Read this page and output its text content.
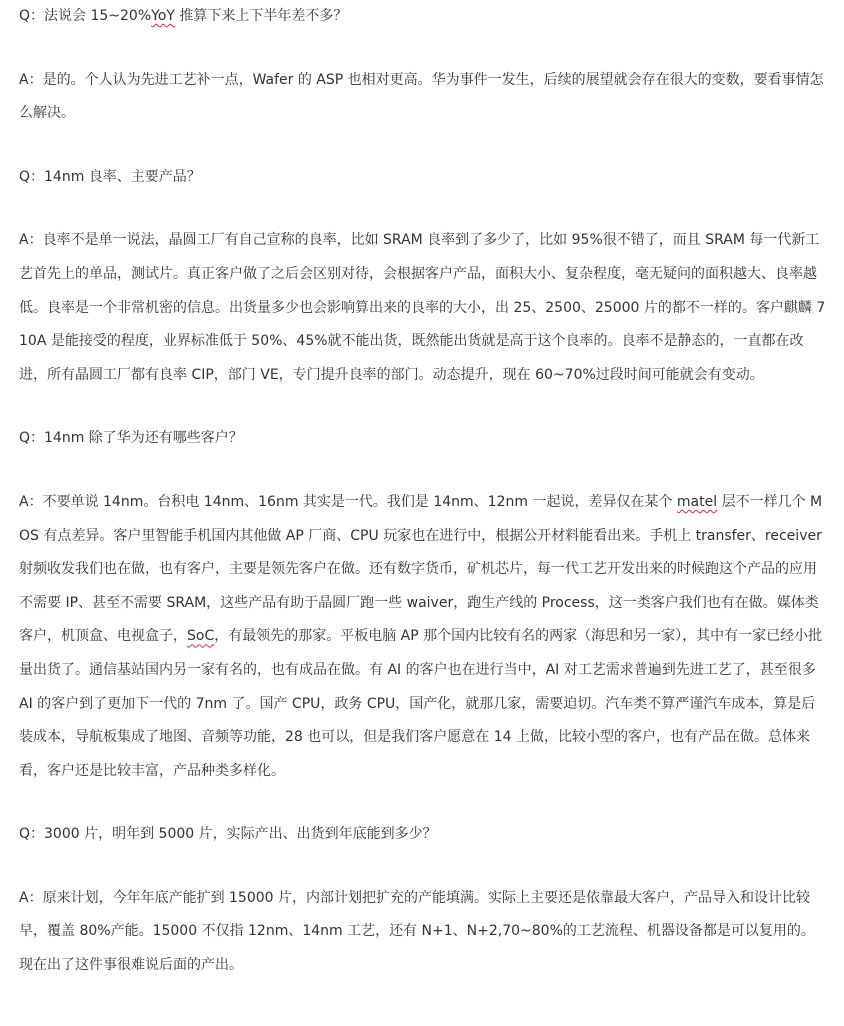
Q：法说会 15~20%YoY 推算下来上下半年差不多？

A：是的。个人认为先进工艺补一点，Wafer 的 ASP 也相对更高。华为事件一发生，后续的展望就会存在很大的变数，要看事情怎么解决。

Q：14nm 良率、主要产品？

A：良率不是单一说法，晶圆工厂有自己宣称的良率，比如 SRAM 良率到了多少了，比如 95%很不错了，而且 SRAM 每一代新工艺首先上的单品，测试片。真正客户做了之后会区别对待，会根据客户产品，面积大小、复杂程度，毫无疑问的面积越大、良率越低。良率是一个非常机密的信息。出货量多少也会影响算出来的良率的大小，出 25、2500、25000 片的都不一样的。客户麒麟 710A 是能接受的程度，业界标准低于 50%、45%就不能出货，既然能出货就是高于这个良率的。良率不是静态的，一直都在改进，所有晶圆工厂都有良率 CIP，部门 VE，专门提升良率的部门。动态提升，现在 60~70%过段时间可能就会有变动。

Q：14nm 除了华为还有哪些客户？

A：不要单说 14nm。台积电 14nm、16nm 其实是一代。我们是 14nm、12nm 一起说，差异仅在某个 matel 层不一样几个 MOS 有点差异。客户里智能手机国内其他做 AP 厂商、CPU 玩家也在进行中，根据公开材料能看出来。手机上 transfer、receiver 射频收发我们也在做，也有客户，主要是领先客户在做。还有数字货币，矿机芯片，每一代工艺开发出来的时候跑这个产品的应用不需要 IP、甚至不需要 SRAM，这些产品有助于晶圆厂跑一些 waiver，跑生产线的 Process，这一类客户我们也有在做。媒体类客户，机顶盒、电视盒子，SoC，有最领先的那家。平板电脑 AP 那个国内比较有名的两家（海思和另一家），其中有一家已经小批量出货了。通信基站国内另一家有名的，也有成品在做。有 AI 的客户也在进行当中，AI 对工艺需求普遍到先进工艺了，甚至很多 AI 的客户到了更加下一代的 7nm 了。国产 CPU，政务 CPU，国产化，就那几家，需要迫切。汽车类不算严谨汽车成本，算是后装成本，导航板集成了地图、音频等功能，28 也可以，但是我们客户愿意在 14 上做，比较小型的客户，也有产品在做。总体来看，客户还是比较丰富，产品种类多样化。

Q：3000 片，明年到 5000 片，实际产出、出货到年底能到多少？

A：原来计划，今年年底产能扩到 15000 片，内部计划把扩充的产能填满。实际上主要还是依靠最大客户，产品导入和设计比较早，覆盖 80%产能。15000 不仅指 12nm、14nm 工艺，还有 N+1、N+2,70~80%的工艺流程、机器设备都是可以复用的。现在出了这件事很难说后面的产出。
